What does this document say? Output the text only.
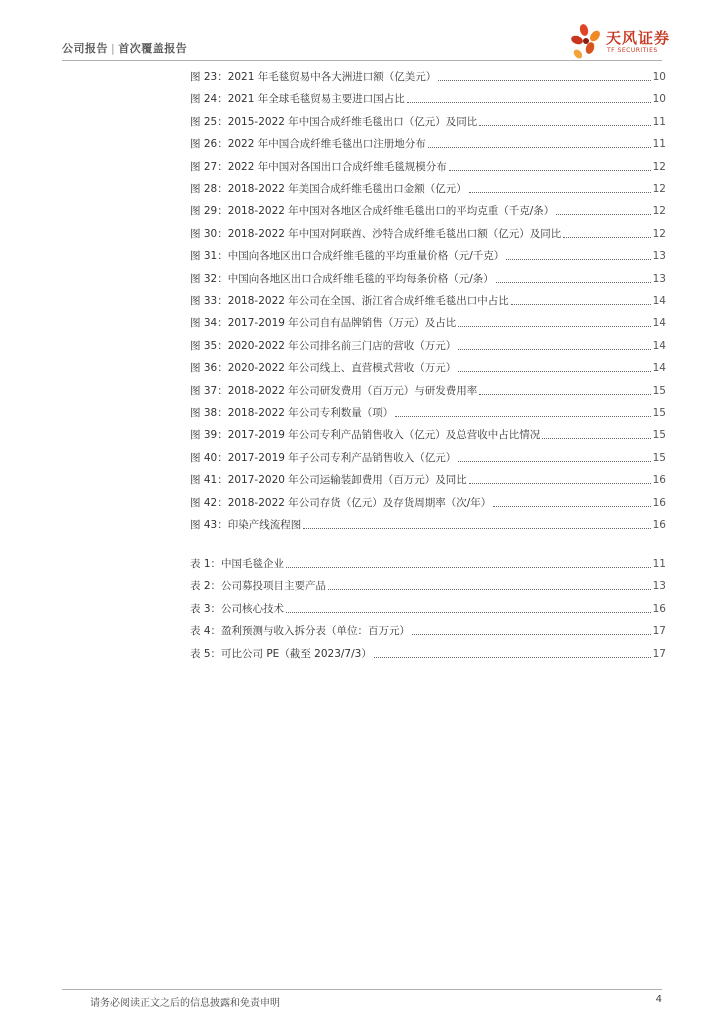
公司报告 | 首次覆盖报告
天风证券
TF SECURITIES
图 23：2021 年毛毯贸易中各大洲进口额（亿美元）	10
图 24：2021 年全球毛毯贸易主要进口国占比	10
图 25：2015-2022 年中国合成纤维毛毯出口（亿元）及同比	11
图 26：2022 年中国合成纤维毛毯出口注册地分布	11
图 27：2022 年中国对各国出口合成纤维毛毯规模分布	12
图 28：2018-2022 年美国合成纤维毛毯出口金额（亿元）	12
图 29：2018-2022 年中国对各地区合成纤维毛毯出口的平均克重（千克/条）	12
图 30：2018-2022 年中国对阿联酋、沙特合成纤维毛毯出口额（亿元）及同比	12
图 31：中国向各地区出口合成纤维毛毯的平均重量价格（元/千克）	13
图 32：中国向各地区出口合成纤维毛毯的平均每条价格（元/条）	13
图 33：2018-2022 年公司在全国、浙江省合成纤维毛毯出口中占比	14
图 34：2017-2019 年公司自有品牌销售（万元）及占比	14
图 35：2020-2022 年公司排名前三门店的营收（万元）	14
图 36：2020-2022 年公司线上、直营模式营收（万元）	14
图 37：2018-2022 年公司研发费用（百万元）与研发费用率	15
图 38：2018-2022 年公司专利数量（项）	15
图 39：2017-2019 年公司专利产品销售收入（亿元）及总营收中占比情况	15
图 40：2017-2019 年子公司专利产品销售收入（亿元）	15
图 41：2017-2020 年公司运输装卸费用（百万元）及同比	16
图 42：2018-2022 年公司存货（亿元）及存货周期率（次/年）	16
图 43：印染产线流程图	16
表 1：中国毛毯企业	11
表 2：公司募投项目主要产品	13
表 3：公司核心技术	16
表 4：盈利预测与收入拆分表（单位：百万元）	17
表 5：可比公司 PE（截至 2023/7/3）	17
请务必阅读正文之后的信息披露和免责申明	4
